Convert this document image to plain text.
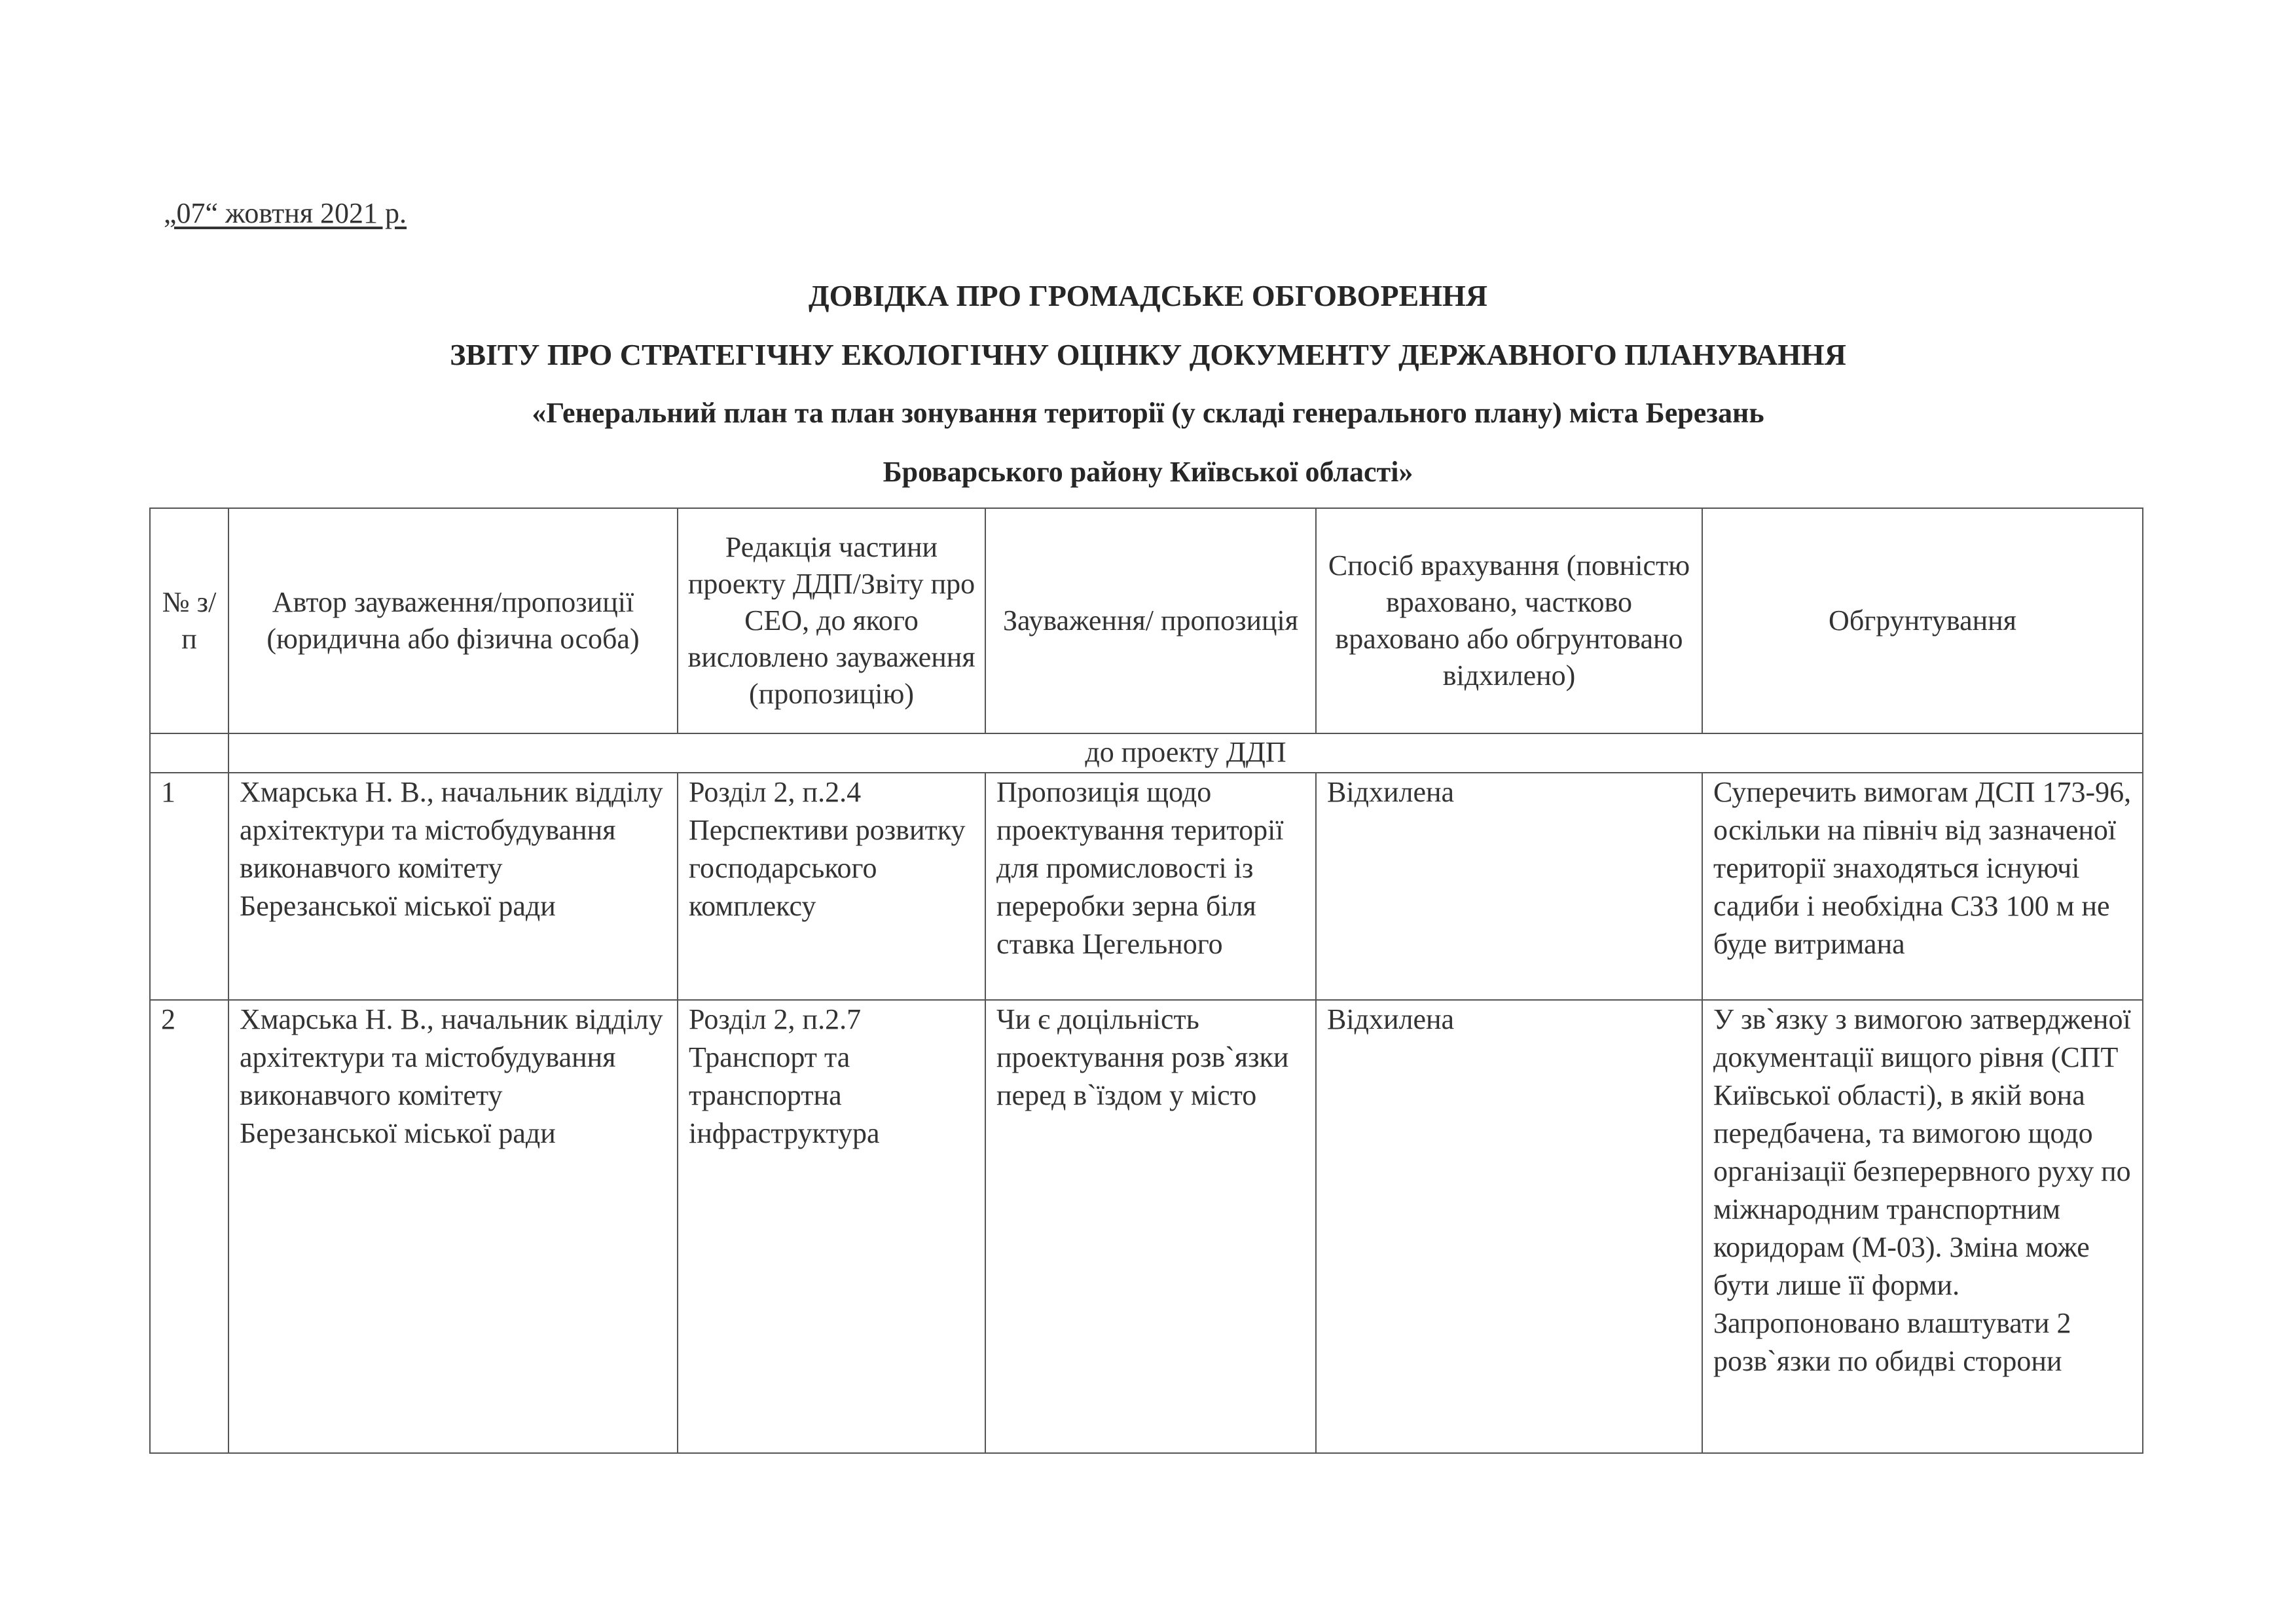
„07“ жовтня 2021 р.
ДОВІДКА ПРО ГРОМАДСЬКЕ ОБГОВОРЕННЯ
ЗВІТУ ПРО СТРАТЕГІЧНУ ЕКОЛОГІЧНУ ОЦІНКУ ДОКУМЕНТУ ДЕРЖАВНОГО ПЛАНУВАННЯ
«Генеральний план та план зонування території (у складі генерального плану) міста Березань
Броварського району Київської області»
№ з/п	Автор зауваження/пропозиції (юридична або фізична особа)	Редакція частини проекту ДДП/Звіту про СЕО, до якого висловлено зауваження (пропозицію)	Зауваження/ пропозиція	Спосіб врахування (повністю враховано, частково враховано або обгрунтовано відхилено)	Обгрунтування
	до проекту ДДП				
1	Хмарська Н. В., начальник відділу архітектури та містобудування виконавчого комітету Березанської міської ради	Розділ 2, п.2.4 Перспективи розвитку господарського комплексу	Пропозиція щодо проектування території для промисловості із переробки зерна біля ставка Цегельного	Відхилена	Суперечить вимогам ДСП 173-96, оскільки на північ від зазначеної території знаходяться існуючі садиби і необхідна СЗЗ 100 м не буде витримана
2	Хмарська Н. В., начальник відділу архітектури та містобудування виконавчого комітету Березанської міської ради	Розділ 2, п.2.7 Транспорт та транспортна інфраструктура	Чи є доцільність проектування розв`язки перед в`їздом у місто	Відхилена	У зв`язку з вимогою затвердженої документації вищого рівня (СПТ Київської області), в якій вона передбачена, та вимогою щодо організації безперервного руху по міжнародним транспортним коридорам (М-03). Зміна може бути лише її форми. Запропоновано влаштувати 2 розв`язки по обидві сторони
